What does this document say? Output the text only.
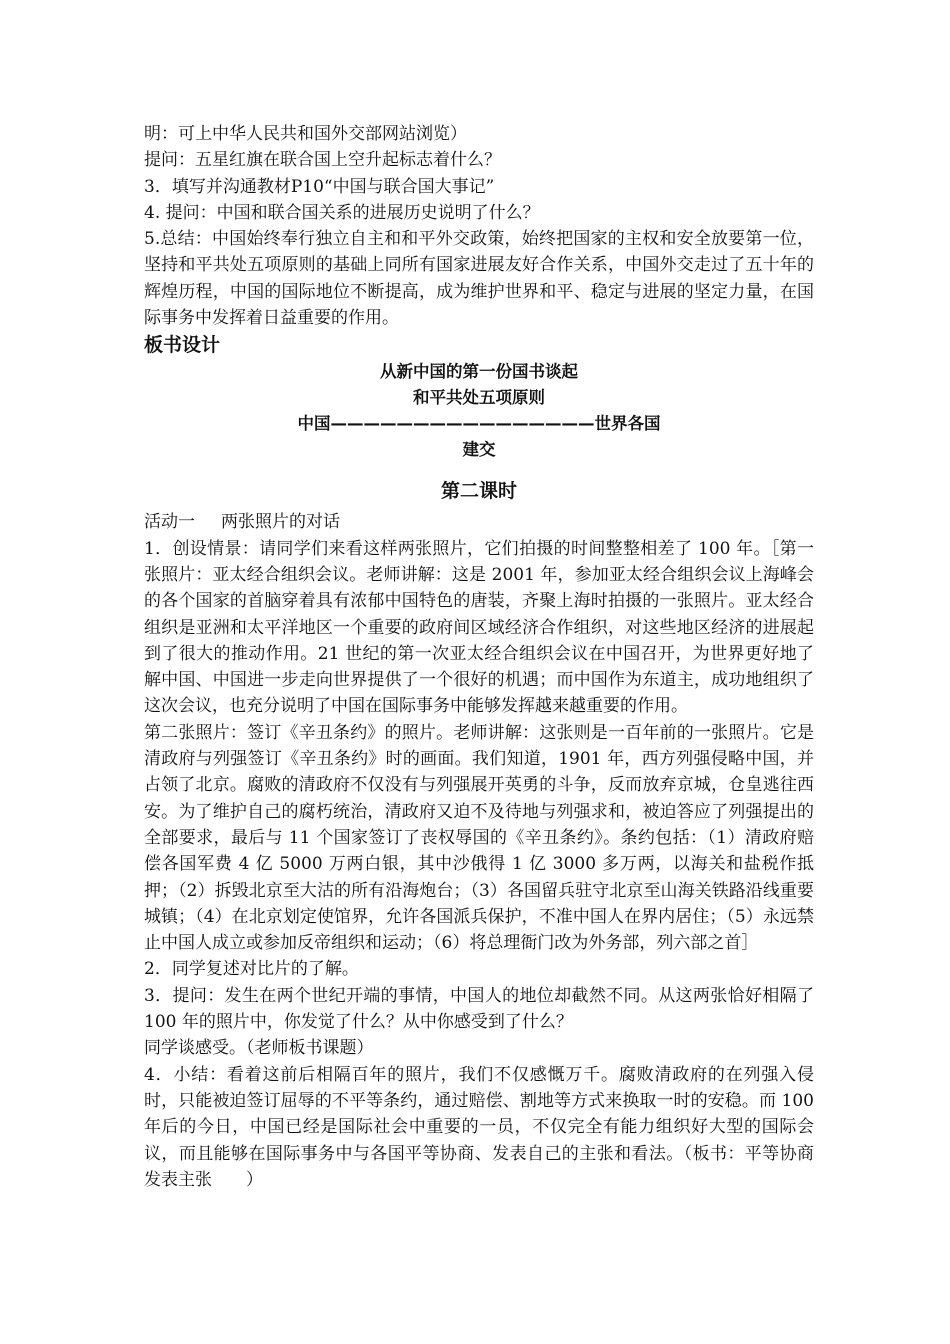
明：可上中华人民共和国外交部网站浏览）

提问：五星红旗在联合国上空升起标志着什么？

3．填写并沟通教材P10“中国与联合国大事记”

4. 提问：中国和联合国关系的进展历史说明了什么？

5.总结：中国始终奉行独立自主和和平外交政策，始终把国家的主权和安全放要第一位，坚持和平共处五项原则的基础上同所有国家进展友好合作关系，中国外交走过了五十年的辉煌历程，中国的国际地位不断提高，成为维护世界和平、稳定与进展的坚定力量，在国际事务中发挥着日益重要的作用。

板书设计

从新中国的第一份国书谈起

和平共处五项原则

中国————————————————世界各国

建交

第二课时

活动一 两张照片的对话

1．创设情景：请同学们来看这样两张照片，它们拍摄的时间整整相差了 100 年。［第一张照片：亚太经合组织会议。老师讲解：这是 2001 年，参加亚太经合组织会议上海峰会的各个国家的首脑穿着具有浓郁中国特色的唐装，齐聚上海时拍摄的一张照片。亚太经合组织是亚洲和太平洋地区一个重要的政府间区域经济合作组织，对这些地区经济的进展起到了很大的推动作用。21 世纪的第一次亚太经合组织会议在中国召开，为世界更好地了解中国、中国进一步走向世界提供了一个很好的机遇；而中国作为东道主，成功地组织了这次会议，也充分说明了中国在国际事务中能够发挥越来越重要的作用。

第二张照片：签订《辛丑条约》的照片。老师讲解：这张则是一百年前的一张照片。它是清政府与列强签订《辛丑条约》时的画面。我们知道，1901 年，西方列强侵略中国，并占领了北京。腐败的清政府不仅没有与列强展开英勇的斗争，反而放弃京城，仓皇逃往西安。为了维护自己的腐朽统治，清政府又迫不及待地与列强求和，被迫答应了列强提出的全部要求，最后与 11 个国家签订了丧权辱国的《辛丑条约》。条约包括：（1）清政府赔偿各国军费 4 亿 5000 万两白银，其中沙俄得 1 亿 3000 多万两，以海关和盐税作抵押；（2）拆毁北京至大沽的所有沿海炮台；（3）各国留兵驻守北京至山海关铁路沿线重要城镇；（4）在北京划定使馆界，允许各国派兵保护，不准中国人在界内居住；（5）永远禁止中国人成立或参加反帝组织和运动；（6）将总理衙门改为外务部，列六部之首］

2．同学复述对比片的了解。

3．提问：发生在两个世纪开端的事情，中国人的地位却截然不同。从这两张恰好相隔了 100 年的照片中，你发觉了什么？从中你感受到了什么？

同学谈感受。（老师板书课题）

4．小结：看着这前后相隔百年的照片，我们不仅感慨万千。腐败清政府的在列强入侵时，只能被迫签订屈辱的不平等条约，通过赔偿、割地等方式来换取一时的安稳。而 100 年后的今日，中国已经是国际社会中重要的一员，不仅完全有能力组织好大型的国际会议，而且能够在国际事务中与各国平等协商、发表自己的主张和看法。（板书：平等协商　　发表主张　　）
